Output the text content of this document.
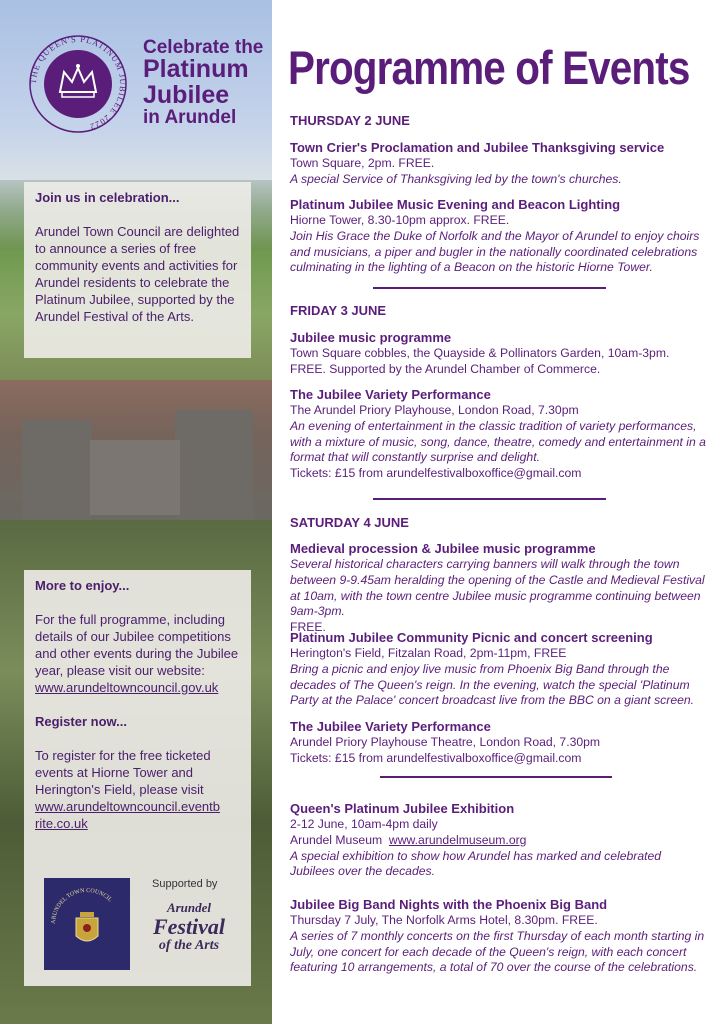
THE QUEEN'S PLATINUM JUBILEE 2022
Celebrate the
Platinum
Jubilee
in Arundel
Join us in celebration...
Arundel Town Council are delighted to announce a series of free community events and activities for Arundel residents to celebrate the Platinum Jubilee, supported by the Arundel Festival of the Arts.
More to enjoy...
For the full programme, including details of our Jubilee competitions and other events during the Jubilee year, please visit our website:
www.arundeltowncouncil.gov.uk
Register now...
To register for the free ticketed events at Hiorne Tower and Herington's Field, please visit
www.arundeltowncouncil.eventb
rite.co.uk
ARUNDEL TOWN COUNCIL
Supported by
Arundel
Festival
of the Arts
Programme of Events
THURSDAY 2 JUNE
Town Crier's Proclamation and Jubilee Thanksgiving service
Town Square, 2pm. FREE.
A special Service of Thanksgiving led by the town's churches.
Platinum Jubilee Music Evening and Beacon Lighting
Hiorne Tower, 8.30-10pm approx. FREE.
Join His Grace the Duke of Norfolk and the Mayor of Arundel to enjoy choirs and musicians, a piper and bugler in the nationally coordinated celebrations culminating in the lighting of a Beacon on the historic Hiorne Tower.
FRIDAY 3 JUNE
Jubilee music programme
Town Square cobbles, the Quayside & Pollinators Garden, 10am-3pm. FREE. Supported by the Arundel Chamber of Commerce.
The Jubilee Variety Performance
The Arundel Priory Playhouse, London Road, 7.30pm
An evening of entertainment in the classic tradition of variety performances, with a mixture of music, song, dance, theatre, comedy and entertainment in a format that will constantly surprise and delight.
Tickets: £15 from arundelfestivalboxoffice@gmail.com
SATURDAY 4 JUNE
Medieval procession & Jubilee music programme
Several historical characters carrying banners will walk through the town between 9-9.45am heralding the opening of the Castle and Medieval Festival at 10am, with the town centre Jubilee music programme continuing between 9am-3pm.
FREE.
Platinum Jubilee Community Picnic and concert screening
Herington's Field, Fitzalan Road, 2pm-11pm, FREE
Bring a picnic and enjoy live music from Phoenix Big Band through the decades of The Queen's reign. In the evening, watch the special 'Platinum Party at the Palace' concert broadcast live from the BBC on a giant screen.
The Jubilee Variety Performance
Arundel Priory Playhouse Theatre, London Road, 7.30pm
Tickets: £15 from arundelfestivalboxoffice@gmail.com
Queen's Platinum Jubilee Exhibition
2-12 June, 10am-4pm daily
Arundel Museum www.arundelmuseum.org
A special exhibition to show how Arundel has marked and celebrated Jubilees over the decades.
Jubilee Big Band Nights with the Phoenix Big Band
Thursday 7 July, The Norfolk Arms Hotel, 8.30pm. FREE.
A series of 7 monthly concerts on the first Thursday of each month starting in July, one concert for each decade of the Queen's reign, with each concert featuring 10 arrangements, a total of 70 over the course of the celebrations.
